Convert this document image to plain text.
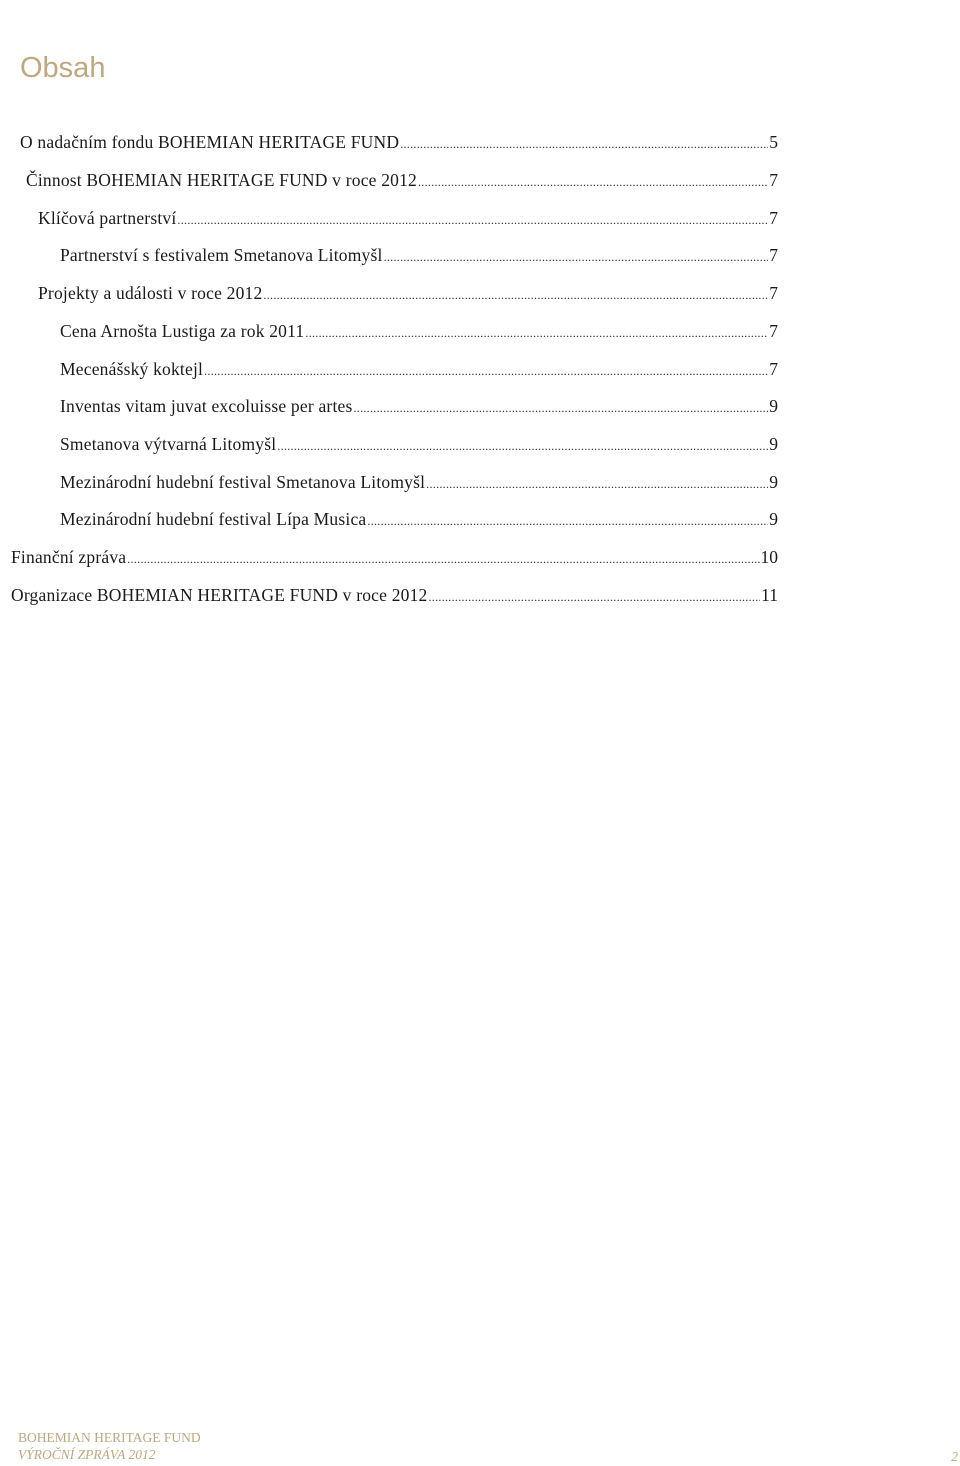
Obsah
O nadačním fondu BOHEMIAN HERITAGE FUND .....	5
Činnost BOHEMIAN HERITAGE FUND v roce 2012 .....	7
Klíčová partnerství .....	7
Partnerství s festivalem Smetanova Litomyšl .....	7
Projekty a události v roce 2012 .....	7
Cena Arnošta Lustiga za rok 2011 .....	7
Mecenášský koktejl .....	7
Inventas vitam juvat excoluisse per artes .....	9
Smetanova výtvarná Litomyšl .....	9
Mezinárodní hudební festival Smetanova Litomyšl .....	9
Mezinárodní hudební festival Lípa Musica .....	9
Finanční zpráva .....	10
Organizace BOHEMIAN HERITAGE FUND v roce 2012 .....	11
BOHEMIAN HERITAGE FUND
VÝROČNÍ ZPRÁVA 2012	2
